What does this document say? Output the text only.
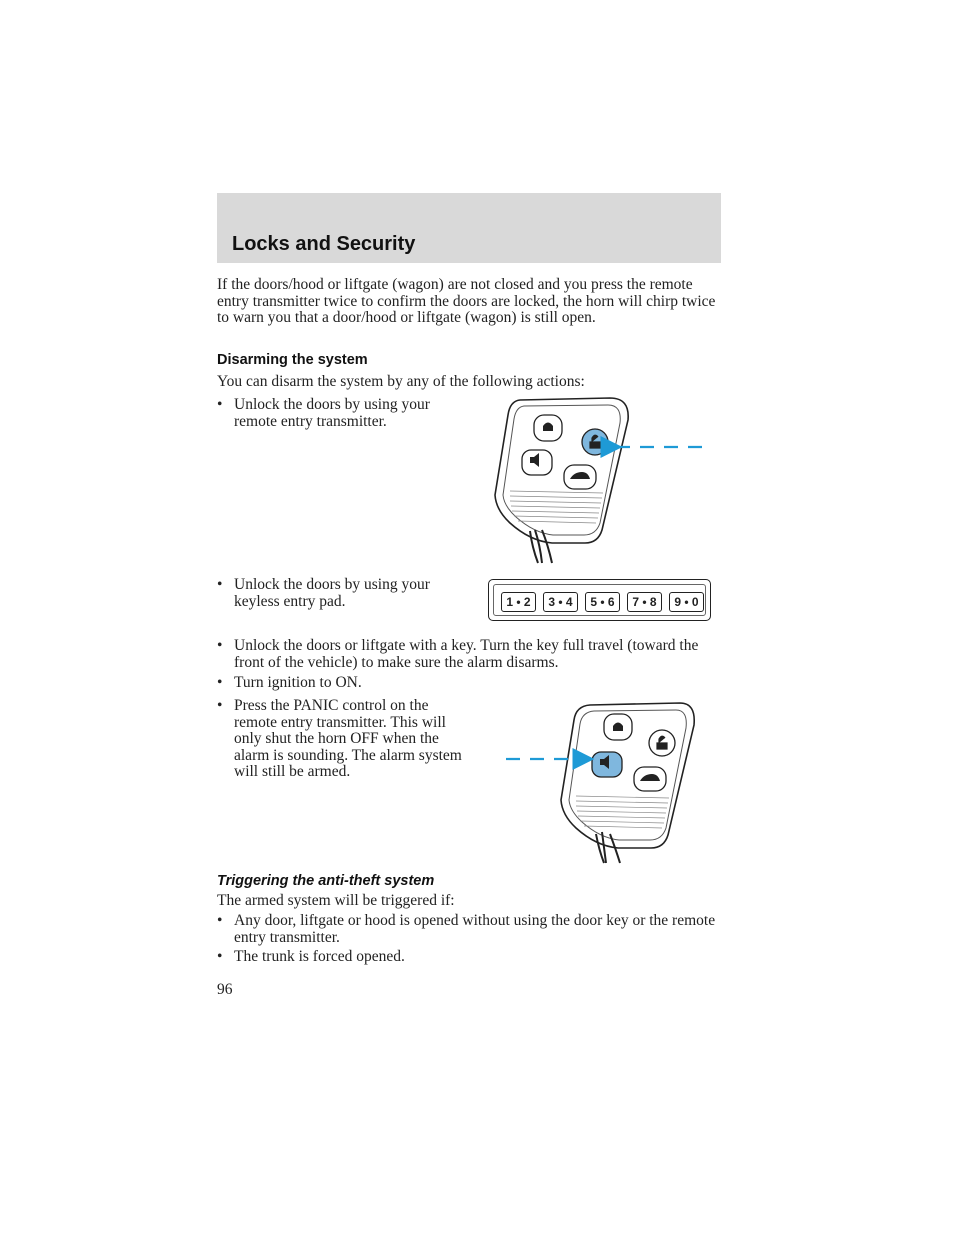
Locks and Security

If the doors/hood or liftgate (wagon) are not closed and you press the remote entry transmitter twice to confirm the doors are locked, the horn will chirp twice to warn you that a door/hood or liftgate (wagon) is still open.

Disarming the system

You can disarm the system by any of the following actions:

• Unlock the doors by using your remote entry transmitter.
• Unlock the doors by using your keyless entry pad.	1 • 2	3 • 4	5 • 6	7 • 8	9 • 0
• Unlock the doors or liftgate with a key. Turn the key full travel (toward the front of the vehicle) to make sure the alarm disarms.
• Turn ignition to ON.
• Press the PANIC control on the remote entry transmitter. This will only shut the horn OFF when the alarm is sounding. The alarm system will still be armed.
Triggering the anti-theft system

The armed system will be triggered if:

• Any door, liftgate or hood is opened without using the door key or the remote entry transmitter.
• The trunk is forced opened.
96
